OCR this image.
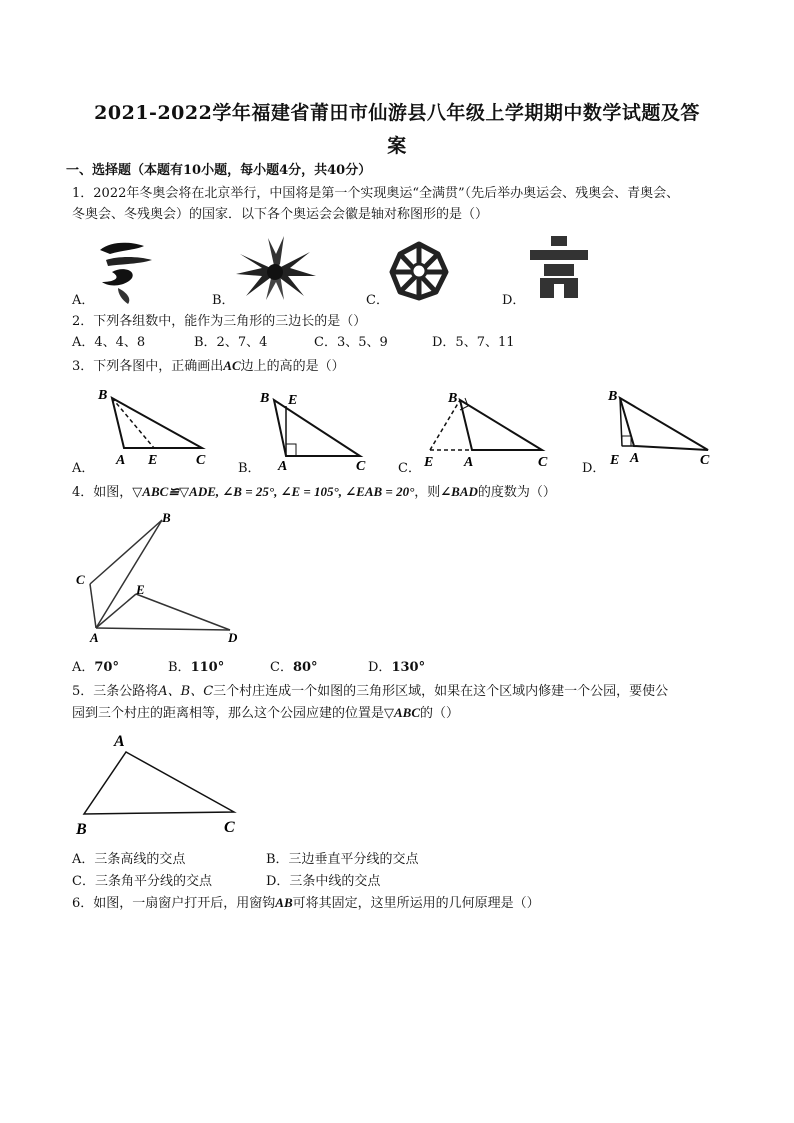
2021-2022学年福建省莆田市仙游县八年级上学期期中数学试题及答
案
一、选择题（本题有10小题，每小题4分，共40分）
1．2022年冬奥会将在北京举行，中国将是第一个实现奥运“全满贯”（先后举办奥运会、残奥会、青奥会、
冬奥会、冬残奥会）的国家．以下各个奥运会会徽是轴对称图形的是（）
A．	B．	C．	D．
2．下列各组数中，能作为三角形的三边长的是（）
A．4、4、8	B．2、7、4	C．3、5、9	D．5、7、11
3．下列各图中，正确画出AC边上的高的是（）
B
A E	C
A．
B E
A	C
B．
B
E A	C
C．
B
E A	C
D．
4．如图，▽ABC≌▽ADE, ∠B = 25°, ∠E = 105°, ∠EAB = 20°，则∠BAD的度数为（）
B
C
E
A	D
A．70°	B．110°	C．80°	D．130°
5．三条公路将A、B、C三个村庄连成一个如图的三角形区域，如果在这个区域内修建一个公园，要使公
园到三个村庄的距离相等，那么这个公园应建的位置是▽ABC的（）
A
B	C
A．三条高线的交点	B．三边垂直平分线的交点
C．三条角平分线的交点	D．三条中线的交点
6．如图，一扇窗户打开后，用窗钩AB可将其固定，这里所运用的几何原理是（）
